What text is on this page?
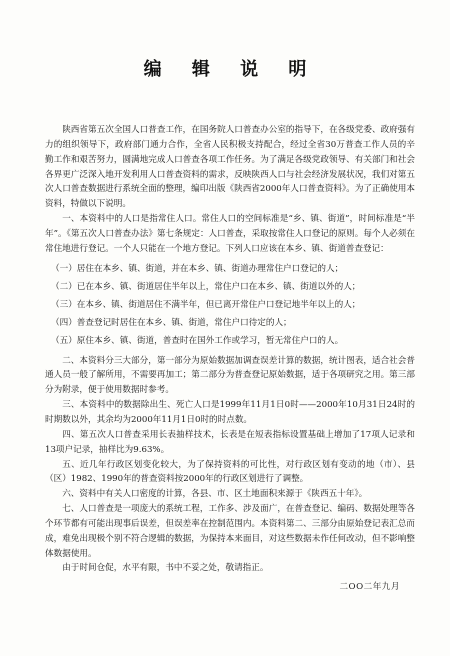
编 辑 说 明

陕西省第五次全国人口普查工作，在国务院人口普查办公室的指导下，在各级党委、政府强有力的组织领导下，政府部门通力合作，全省人民积极支持配合，经过全省30万普查工作人员的辛勤工作和艰苦努力，圆满地完成人口普查各项工作任务。为了满足各级党政领导、有关部门和社会各界更广泛深入地开发利用人口普查资料的需求，反映陕西人口与社会经济发展状况，我们对第五次人口普查数据进行系统全面的整理，编印出版《陕西省2000年人口普查资料》。为了正确使用本资料，特做以下说明。

一、本资料中的人口是指常住人口。常住人口的空间标准是“乡、镇、街道”，时间标准是“半年”。《第五次人口普查办法》第七条规定：人口普查，采取按常住人口登记的原则。每个人必须在常住地进行登记。一个人只能在一个地方登记。下列人口应该在本乡、镇、街道普查登记：

（一）居住在本乡、镇、街道，并在本乡、镇、街道办理常住户口登记的人；

（二）已在本乡、镇、街道居住半年以上，常住户口在本乡、镇、街道以外的人；

（三）在本乡、镇、街道居住不满半年，但已离开常住户口登记地半年以上的人；

（四）普查登记时居住在本乡、镇、街道，常住户口待定的人；

（五）原住本乡、镇、街道，普查时在国外工作或学习，暂无常住户口的人。

二、本资料分三大部分，第一部分为原始数据加调查误差计算的数据，统计图表，适合社会普通人员一般了解所用，不需要再加工；第二部分为普查登记原始数据，适于各项研究之用。第三部分为附录，便于使用数据时参考。

三、本资料中的数据除出生、死亡人口是1999年11月1日0时——2000年10月31日24时的时期数以外，其余均为2000年11月1日0时的时点数。

四、第五次人口普查采用长表抽样技术，长表是在短表指标设置基础上增加了17项人记录和13项户记录，抽样比为9.63%。

五、近几年行政区划变化较大，为了保持资料的可比性，对行政区划有变动的地（市）、县（区）1982、1990年的普查资料按2000年的行政区划进行了调整。

六、资料中有关人口密度的计算，各县、市、区土地面积来源于《陕西五十年》。

七、人口普查是一项庞大的系统工程，工作多、涉及面广，在普查登记、编码、数据处理等各个环节都有可能出现事后误差，但误差率在控制范围内。本资料第二、三部分由原始登记表汇总而成，难免出现极个别不符合逻辑的数据，为保持本来面目，对这些数据未作任何改动，但不影响整体数据使用。

由于时间仓促，水平有限，书中不妥之处，敬请指正。

二OO二年九月
